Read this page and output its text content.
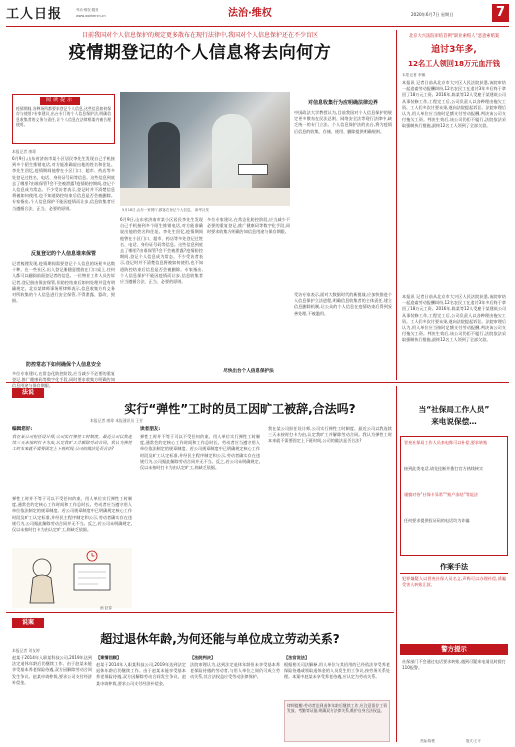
工人日报	劳动·维权·服务
www.workercn.cn	法治·维权	2020年6月7日 星期日	7
目前我国对个人信息保护的规定更多散布在现行法律中,我国对个人信息保护还在不少盲区
疫情期登记的个人信息将去向何方
阅读提示
疫情期间,各种场所都要求登记个人信息,这些信息如何保存与使用?专家建议,出台专门的个人信息保护法,明确信息收集者的义务与责任,让个人信息在法律框架内被合理使用。
本报记者 康琼
6月9日,山东省济南市某小区居民李先生发现自己手机接到多个陌生推销电话,对方能准确说出他的姓名和住址。李先生回忆,疫情期间他曾在小区门口、超市、药店等多处登记过姓名、电话、身份证号码等信息。这些信息到底去了哪里?由谁保管?会不会被泄露?疫情防控期间,登记个人信息成为常态。不少受访者表示,登记时并不清楚信息将被如何使用,也不知道防控结束后信息是否会被删除。专家指出,个人信息保护不能因疫情而让步,信息收集者应当遵循合法、正当、必要的原则。
反复登记的个人信息谁来保管
记者梳理发现,疫情期间需要登记个人信息的场景多达数十种。在一些社区,出入登记册随意摆放在门口桌上,任何人都可以翻阅前面登记者的信息。一位物业工作人员告诉记者,登记册由保安保管,但防控结束后如何处理并没有明确规定。北京某律师事务所律师表示,信息收集方有义务对所收集的个人信息进行安全保管,不得泄露、篡改、毁损。
防控常态下如何确保个人信息安全
多位专家建议,在常态化防控阶段,应当减少不必要的重复登记,推广健康码等数字化手段,同时要求收集方明确告知信息用途与保存期限。
5月18日,山东一家餐厅,顾客在登记个人信息。 新华社发
6月9日,山东省济南市某小区居民李先生发现自己手机接到多个陌生推销电话,对方能准确说出他的姓名和住址。李先生回忆,疫情期间他曾在小区门口、超市、药店等多处登记过姓名、电话、身份证号码等信息。这些信息到底去了哪里?由谁保管?会不会被泄露?疫情防控期间,登记个人信息成为常态。不少受访者表示,登记时并不清楚信息将被如何使用,也不知道防控结束后信息是否会被删除。专家指出,个人信息保护不能因疫情而让步,信息收集者应当遵循合法、正当、必要的原则。
多位专家建议,在常态化防控阶段,应当减少不必要的重复登记,推广健康码等数字化手段,同时要求收集方明确告知信息用途与保存期限。
尽快出台个人信息保护法
对信息收集行为应明确法律边界
中国政法大学教授认为,目前我国对个人信息保护的规定更多散布在民法总则、网络安全法等现行法律中,缺乏统一的专门立法。个人信息保护法的出台,将为疫情后信息的收集、存储、使用、删除提供明确规则。
受访专家表示,面对大数据时代的新挑战,应加快推进个人信息保护立法进程,明确信息收集者的主体责任,建立信息删除机制,让公众的个人信息在疫情结束后得到妥善处理,不被滥用。
北京大兴法院审结首例“职业索赔人”恶意索赔案
追讨3年多,
12名工人领回18万元血汗钱
本报记者 李娜
本报讯 记者日前从北京市大兴区人民法院获悉,该院审结一起追索劳动报酬纠纷,12名农民工在追讨3年多后终于拿回了18万元工资。2016年,陈某等12人受雇于某建筑公司从事装修工作,工程完工后,公司负责人以各种理由拖欠工资。工人们多次讨要未果,遂向法院提起诉讼。法院审理后认为,用人单位应当按时足额支付劳动报酬,判决该公司支付拖欠工资。判决生效后,该公司仍拒不履行,法院依法采取强制执行措施,最终12名工人领到了全部欠款。
本报讯 记者日前从北京市大兴区人民法院获悉,该院审结一起追索劳动报酬纠纷,12名农民工在追讨3年多后终于拿回了18万元工资。2016年,陈某等12人受雇于某建筑公司从事装修工作,工程完工后,公司负责人以各种理由拖欠工资。工人们多次讨要未果,遂向法院提起诉讼。法院审理后认为,用人单位应当按时足额支付劳动报酬,判决该公司支付拖欠工资。判决生效后,该公司仍拒不履行,法院依法采取强制执行措施,最终12名工人领到了全部欠款。
法说
实行“弹性”工时的员工因旷工被辞,合法吗?
本报记者 康琼 本报通讯员 王芳
编辑您好:
我在某公司担任设计师,公司实行弹性工时制度。最近公司以我连续三天未按时打卡为由,认定我旷工并解除劳动合同。我认为弹性工时本来就不需要固定上下班时间,公司的做法是否合法?
弹性工时并不等于可以不受任何约束。用人单位实行弹性工时制度,通常会约定核心工作时间和工作总时长。劳动者应当遵守用人单位依法制定的规章制度。若公司规章制度中已明确规定核心工作时段及旷工认定标准,并经民主程序制定和公示,劳动者确实存在违规行为,公司据此解除劳动合同并无不当。反之,若公司未明确规定,仅以未按时打卡为由认定旷工,则缺乏依据。
画 赵春
读者朋友:
弹性工时并不等于可以不受任何约束。用人单位实行弹性工时制度,通常会约定核心工作时间和工作总时长。劳动者应当遵守用人单位依法制定的规章制度。若公司规章制度中已明确规定核心工作时段及旷工认定标准,并经民主程序制定和公示,劳动者确实存在违规行为,公司据此解除劳动合同并无不当。反之,若公司未明确规定,仅以未按时打卡为由认定旷工,则缺乏依据。
我在某公司担任设计师,公司实行弹性工时制度。最近公司以我连续三天未按时打卡为由,认定我旷工并解除劳动合同。我认为弹性工时本来就不需要固定上下班时间,公司的做法是否合法?
当“社保局工作人员”
来电说保偿…
冒充社保局工作人员来电称可以补偿,要求转账
接到此类电话,请先挂断并拨打官方热线核实
谨慎对待“社保卡异常”“账户冻结”等说法
任何要求提供验证码的电话均为诈骗
说案
超过退休年龄,为何还能与单位成立劳动关系?
本报记者 刘友婷
赵某于2014年入职某科技公司,2019年达到法定退休年龄后仍继续工作。由于赵某未能享受基本养老保险待遇,双方因解除劳动合同发生争议。赵某申请仲裁,要求公司支付经济补偿金。
【案情回顾】
赵某于2014年入职某科技公司,2019年达到法定退休年龄后仍继续工作。由于赵某未能享受基本养老保险待遇,双方因解除劳动合同发生争议。赵某申请仲裁,要求公司支付经济补偿金。
【法院判决】
法院审理认为,达到法定退休年龄但未享受基本养老保险待遇的劳动者,与用人单位之间仍可成立劳动关系,其合法权益应受劳动法律保护。
【法官说法】
根据相关司法解释,用人单位与其招用的已经依法享受养老保险待遇或领取退休金的人员发生用工争议,按劳务关系处理。本案中赵某未享受养老待遇,应认定为劳动关系。
律师提醒:劳动者达到退休年龄后继续工作,应注意留存工资发放、考勤等证据,明确双方法律关系,维护自身合法权益。
作案手法
犯罪嫌疑人以冒充社保人员名义,声称可以办理补偿,诱骗受害人转账汇款。
警方提示
社保部门不会通过电话要求转账,遇到可疑来电请及时拨打110报警。
责编:陈俊	版式:王平
